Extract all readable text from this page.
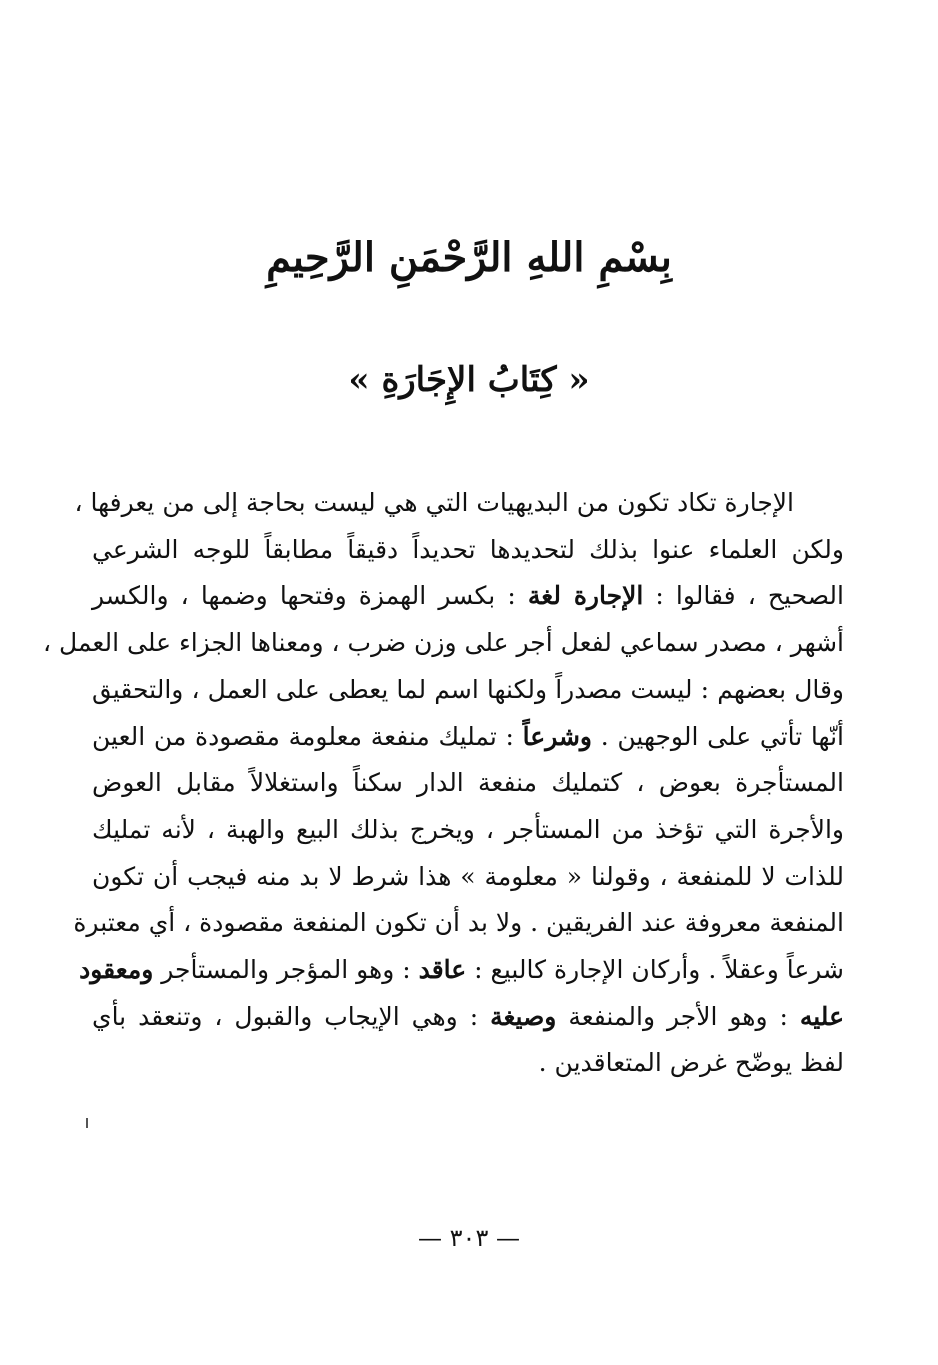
بِسْمِ اللهِ الرَّحْمَنِ الرَّحِيمِ
« كِتَابُ الإِجَارَةِ »
الإجارة تكاد تكون من البديهيات التي هي ليست بحاجة إلى من يعرفها ،
ولكن العلماء عنوا بذلك لتحديدها تحديداً دقيقاً مطابقاً للوجه الشرعي
الصحيح ، فقالوا : الإجارة لغة : بكسر الهمزة وفتحها وضمها ، والكسر
أشهر ، مصدر سماعي لفعل أجر على وزن ضرب ، ومعناها الجزاء على العمل ،
وقال بعضهم : ليست مصدراً ولكنها اسم لما يعطى على العمل ، والتحقيق
أنّها تأتي على الوجهين . وشرعاً : تمليك منفعة معلومة مقصودة من العين
المستأجرة بعوض ، كتمليك منفعة الدار سكناً واستغلالاً مقابل العوض
والأجرة التي تؤخذ من المستأجر ، ويخرج بذلك البيع والهبة ، لأنه تمليك
للذات لا للمنفعة ، وقولنا « معلومة » هذا شرط لا بد منه فيجب أن تكون
المنفعة معروفة عند الفريقين . ولا بد أن تكون المنفعة مقصودة ، أي معتبرة
شرعاً وعقلاً . وأركان الإجارة كالبيع : عاقد : وهو المؤجر والمستأجر ومعقود
عليه : وهو الأجر والمنفعة وصيغة : وهي الإيجاب والقبول ، وتنعقد بأي
لفظ يوضّح غرض المتعاقدين .
— ٣٠٣ —
